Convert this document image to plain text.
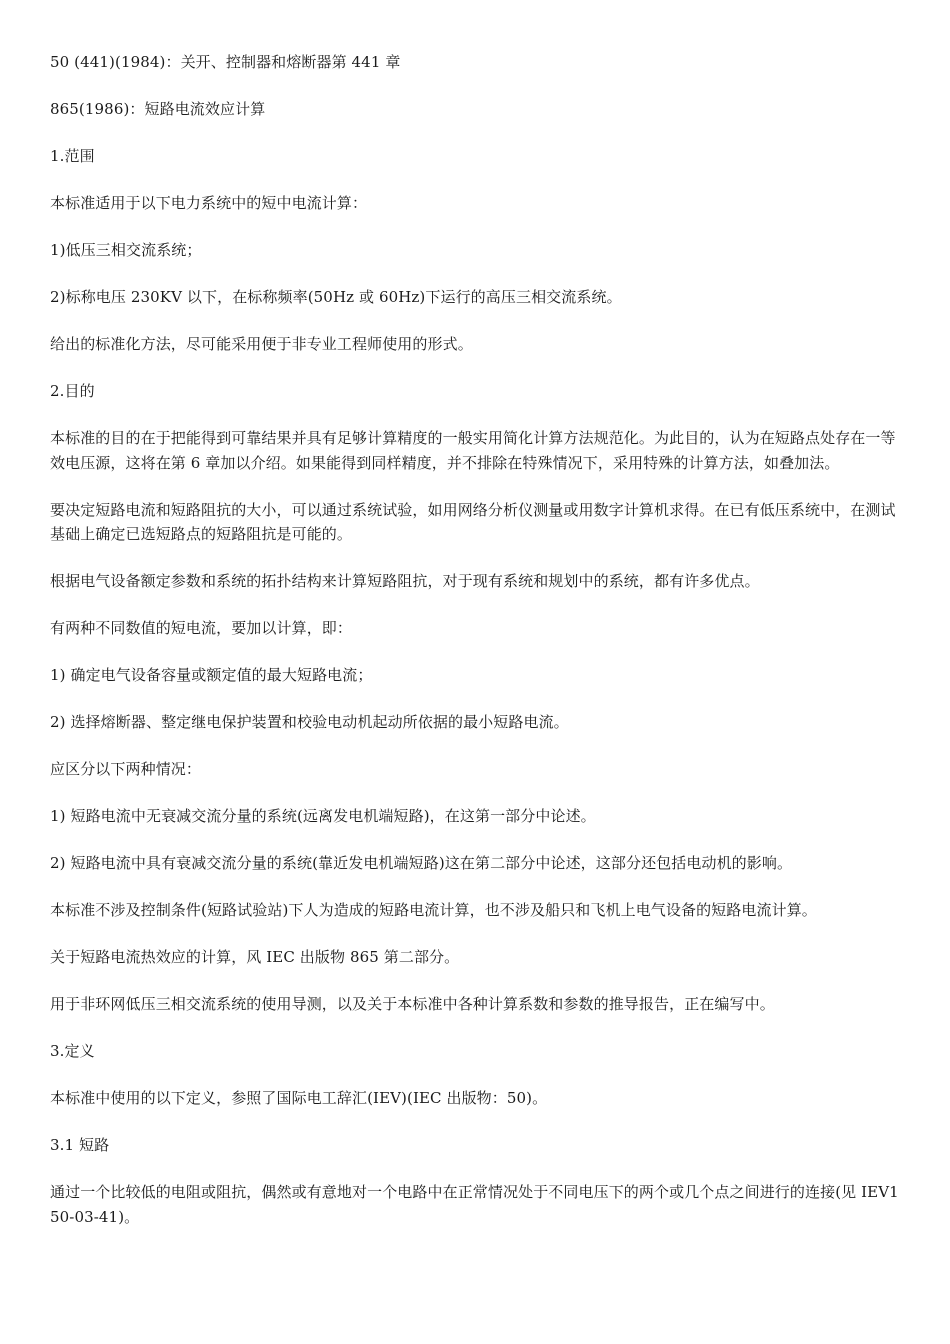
50 (441)(1984)：关开、控制器和熔断器第 441 章

865(1986)：短路电流效应计算

1.范围

本标准适用于以下电力系统中的短中电流计算：

1)低压三相交流系统；

2)标称电压 230KV 以下，在标称频率(50Hz 或 60Hz)下运行的高压三相交流系统。

给出的标准化方法，尽可能采用便于非专业工程师使用的形式。

2.目的

本标准的目的在于把能得到可靠结果并具有足够计算精度的一般实用简化计算方法规范化。为此目的，认为在短路点处存在一等效电压源，这将在第 6 章加以介绍。如果能得到同样精度，并不排除在特殊情况下，采用特殊的计算方法，如叠加法。

要决定短路电流和短路阻抗的大小，可以通过系统试验，如用网络分析仪测量或用数字计算机求得。在已有低压系统中，在测试基础上确定已选短路点的短路阻抗是可能的。

根据电气设备额定参数和系统的拓扑结构来计算短路阻抗，对于现有系统和规划中的系统，都有许多优点。

有两种不同数值的短电流，要加以计算，即：

1) 确定电气设备容量或额定值的最大短路电流；

2) 选择熔断器、整定继电保护装置和校验电动机起动所依据的最小短路电流。

应区分以下两种情况：

1) 短路电流中无衰减交流分量的系统(远离发电机端短路)，在这第一部分中论述。

2) 短路电流中具有衰减交流分量的系统(靠近发电机端短路)这在第二部分中论述，这部分还包括电动机的影响。

本标准不涉及控制条件(短路试验站)下人为造成的短路电流计算，也不涉及船只和飞机上电气设备的短路电流计算。

关于短路电流热效应的计算，风 IEC 出版物 865 第二部分。

用于非环网低压三相交流系统的使用导测，以及关于本标准中各种计算系数和参数的推导报告，正在编写中。

3.定义

本标准中使用的以下定义，参照了国际电工辞汇(IEV)(IEC 出版物：50)。

3.1 短路

通过一个比较低的电阻或阻抗，偶然或有意地对一个电路中在正常情况处于不同电压下的两个或几个点之间进行的连接(见 IEV150-03-41)。
